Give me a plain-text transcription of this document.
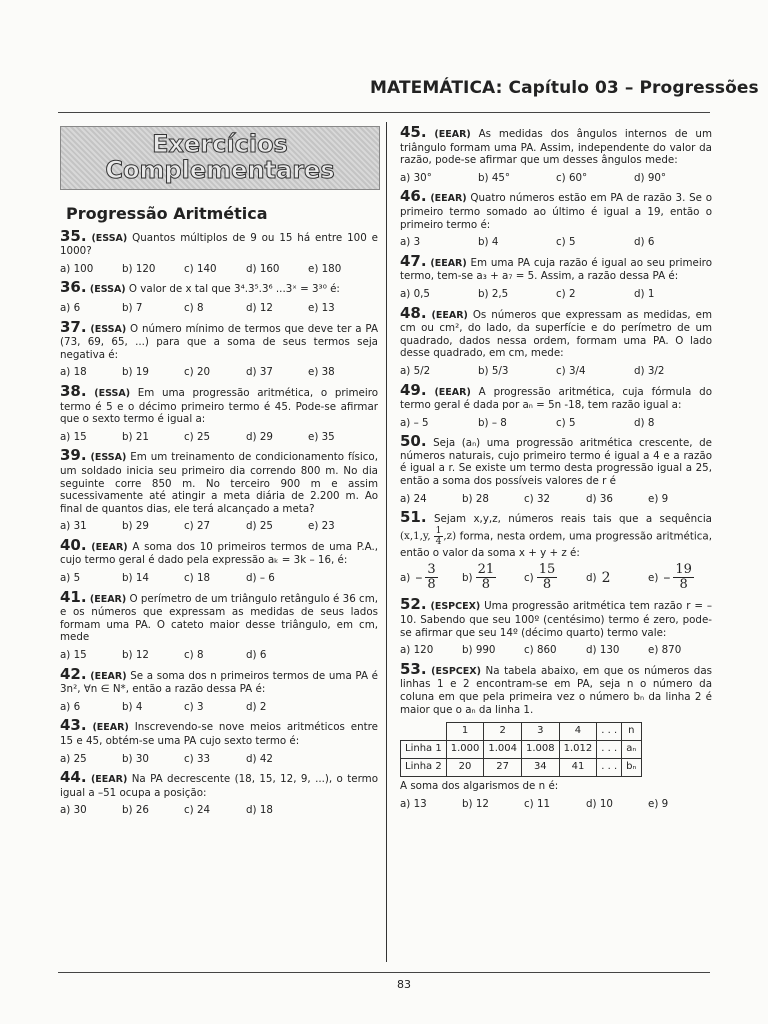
MATEMÁTICA: Capítulo 03 – Progressões
Exercícios
Complementares
Progressão Aritmética
35. (ESSA) Quantos múltiplos de 9 ou 15 há entre 100 e 1000?
a) 100	b) 120	c) 140	d) 160	e) 180
36. (ESSA) O valor de x tal que 3⁴.3⁵.3⁶ ...3ˣ = 3³⁰ é:
a) 6	b) 7	c) 8	d) 12	e) 13
37. (ESSA) O número mínimo de termos que deve ter a PA (73, 69, 65, ...) para que a soma de seus termos seja negativa é:
a) 18	b) 19	c) 20	d) 37	e) 38
38. (ESSA) Em uma progressão aritmética, o primeiro termo é 5 e o décimo primeiro termo é 45. Pode-se afirmar que o sexto termo é igual a:
a) 15	b) 21	c) 25	d) 29	e) 35
39. (ESSA) Em um treinamento de condicionamento físico, um soldado inicia seu primeiro dia correndo 800 m. No dia seguinte corre 850 m. No terceiro 900 m e assim sucessivamente até atingir a meta diária de 2.200 m. Ao final de quantos dias, ele terá alcançado a meta?
a) 31	b) 29	c) 27	d) 25	e) 23
40. (EEAR) A soma dos 10 primeiros termos de uma P.A., cujo termo geral é dado pela expressão aₖ = 3k – 16, é:
a) 5	b) 14	c) 18	d) – 6
41. (EEAR) O perímetro de um triângulo retângulo é 36 cm, e os números que expressam as medidas de seus lados formam uma PA. O cateto maior desse triângulo, em cm, mede
a) 15	b) 12	c) 8	d) 6
42. (EEAR) Se a soma dos n primeiros termos de uma PA é 3n², ∀n ∈ N*, então a razão dessa PA é:
a) 6	b) 4	c) 3	d) 2
43. (EEAR) Inscrevendo-se nove meios aritméticos entre 15 e 45, obtém-se uma PA cujo sexto termo é:
a) 25	b) 30	c) 33	d) 42
44. (EEAR) Na PA decrescente (18, 15, 12, 9, ...), o termo igual a –51 ocupa a posição:
a) 30	b) 26	c) 24	d) 18
45. (EEAR) As medidas dos ângulos internos de um triângulo formam uma PA. Assim, independente do valor da razão, pode-se afirmar que um desses ângulos mede:
a) 30°	b) 45°	c) 60°	d) 90°
46. (EEAR) Quatro números estão em PA de razão 3. Se o primeiro termo somado ao último é igual a 19, então o primeiro termo é:
a) 3	b) 4	c) 5	d) 6
47. (EEAR) Em uma PA cuja razão é igual ao seu primeiro termo, tem-se a₃ + a₇ = 5. Assim, a razão dessa PA é:
a) 0,5	b) 2,5	c) 2	d) 1
48. (EEAR) Os números que expressam as medidas, em cm ou cm², do lado, da superfície e do perímetro de um quadrado, dados nessa ordem, formam uma PA. O lado desse quadrado, em cm, mede:
a) 5/2	b) 5/3	c) 3/4	d) 3/2
49. (EEAR) A progressão aritmética, cuja fórmula do termo geral é dada por aₙ = 5n -18, tem razão igual a:
a) – 5	b) – 8	c) 5	d) 8
50. Seja (aₙ) uma progressão aritmética crescente, de números naturais, cujo primeiro termo é igual a 4 e a razão é igual a r. Se existe um termo desta progressão igual a 25, então a soma dos possíveis valores de r é
a) 24	b) 28	c) 32	d) 36	e) 9
51. Sejam x,y,z, números reais tais que a sequência (x,1,y, $\frac{1}{4} ,z$) forma, nesta ordem, uma progressão aritmética, então o valor da soma x + y + z é:
$a) - \frac{3}{8} b) \frac{21}{8}$	$c) \frac{15}{8}$	d) 2	$e) - \frac{19}{8}$
52. (ESPCEX) Uma progressão aritmética tem razão r = – 10. Sabendo que seu 100º (centésimo) termo é zero, pode-se afirmar que seu 14º (décimo quarto) termo vale:
a) 120	b) 990	c) 860	d) 130	e) 870
53. (ESPCEX) Na tabela abaixo, em que os números das linhas 1 e 2 encontram-se em PA, seja n o número da coluna em que pela primeira vez o número bₙ da linha 2 é maior que o aₙ da linha 1.
	1	2	3	4	. . .	n
Linha 1	1.000	1.004	1.008	1.012	. . .	aₙ
Linha 2	20	27	34	41	. . .	bₙ
A soma dos algarismos de n é:
a) 13	b) 12	c) 11	d) 10	e) 9
83
